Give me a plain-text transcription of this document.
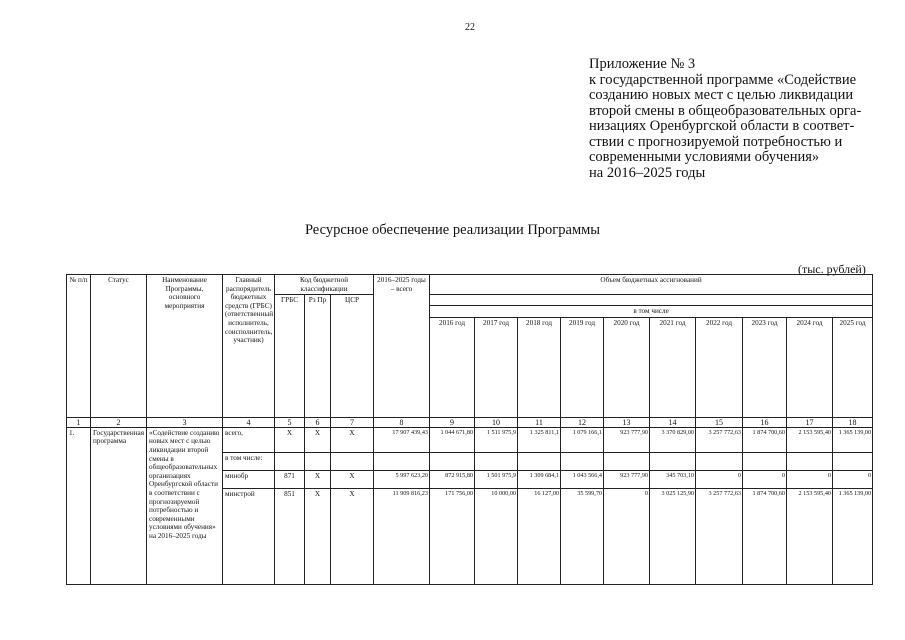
22
Приложение № 3
к государственной программе «Содействие
созданию новых мест с целью ликвидации
второй смены в общеобразовательных орга-
низациях Оренбургской области в соответ-
ствии с прогнозируемой потребностью и
современными условиями обучения»
на 2016–2025 годы
Ресурсное обеспечение реализации Программы
(тыс. рублей)
№ п/п	Статус	Наименование Программы, основного мероприятия	Главный распорядитель бюджетных средств (ГРБС) (ответственный исполнитель, соисполнитель, участник)	Код бюджетной классификации			2016–2025 годы – всего	Объем бюджетных ассигнований									
				ГРБС	Рз Пр	ЦСР											
								в том числе									
								2016 год	2017 год	2018 год	2019 год	2020 год	2021 год	2022 год	2023 год	2024 год	2025 год
1	2	3	4	5	6	7	8	9	10	11	12	13	14	15	16	17	18
1.	Государственная программа	«Содействие созданию новых мест с целью ликвидации второй смены в общеобразовательных организациях Оренбургской области в соответствии с прогнозируемой потребностью и современными условиями обучения» на 2016–2025 годы	всего,	X	X	X	17 907 439,43	1 044 671,80	1 511 975,9	1 325 811,1	1 079 166,1	923 777,90	3 370 829,00	3 257 772,63	1 874 700,60	2 153 595,40	1 365 139,00
			в том числе:														
			минобр	871	X	X	5 997 623,20	872 915,80	1 501 975,9	1 309 684,1	1 043 566,4	923 777,90	345 703,10	0	0	0	0
			минстрой	851	X	X	11 909 816,23	171 756,00	10 000,00	16 127,00	35 599,70	0	3 025 125,90	3 257 772,63	1 874 700,60	2 153 595,40	1 365 139,00
